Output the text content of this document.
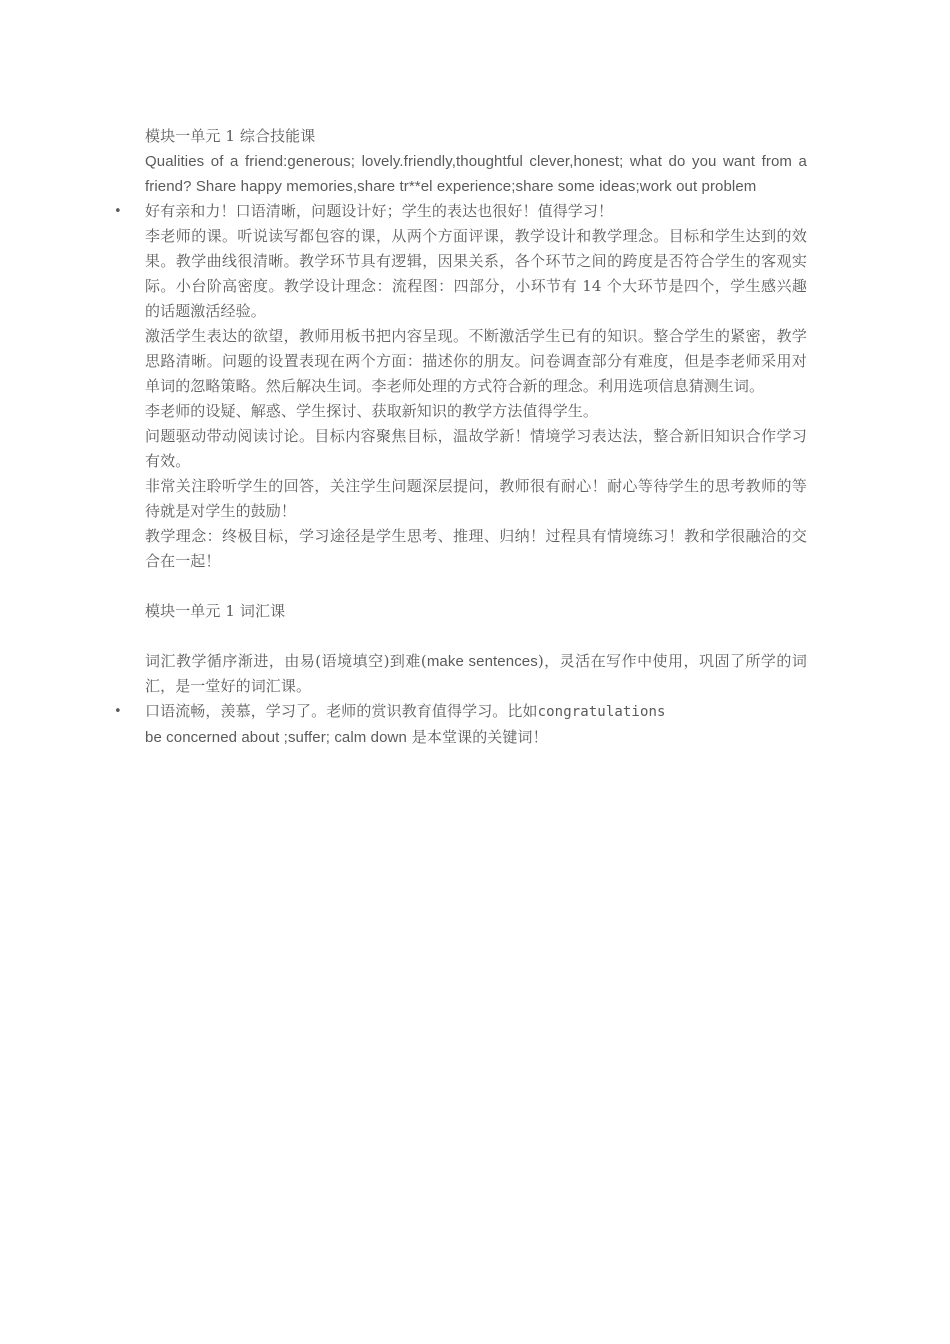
模块一单元 1 综合技能课

Qualities of a friend:generous; lovely.friendly,thoughtful clever,honest; what do you want from a friend? Share happy memories,share tr**el experience;share some ideas;work out problem

• 好有亲和力！口语清晰，问题设计好；学生的表达也很好！值得学习！

李老师的课。听说读写都包容的课，从两个方面评课，教学设计和教学理念。目标和学生达到的效果。教学曲线很清晰。教学环节具有逻辑，因果关系，各个环节之间的跨度是否符合学生的客观实际。小台阶高密度。教学设计理念：流程图：四部分，小环节有 14 个大环节是四个，学生感兴趣的话题激活经验。

激活学生表达的欲望，教师用板书把内容呈现。不断激活学生已有的知识。整合学生的紧密，教学思路清晰。问题的设置表现在两个方面：描述你的朋友。问卷调查部分有难度，但是李老师采用对单词的忽略策略。然后解决生词。李老师处理的方式符合新的理念。利用选项信息猜测生词。

李老师的设疑、解惑、学生探讨、获取新知识的教学方法值得学生。

问题驱动带动阅读讨论。目标内容聚焦目标，温故学新！情境学习表达法，整合新旧知识合作学习有效。

非常关注聆听学生的回答，关注学生问题深层提问，教师很有耐心！耐心等待学生的思考教师的等待就是对学生的鼓励！

教学理念：终极目标，学习途径是学生思考、推理、归纳！过程具有情境练习！教和学很融洽的交合在一起！

模块一单元 1 词汇课

词汇教学循序渐进，由易(语境填空)到难(make sentences)，灵活在写作中使用，巩固了所学的词汇，是一堂好的词汇课。

• 口语流畅，羡慕，学习了。老师的赏识教育值得学习。比如congratulations

be concerned about ;suffer; calm down 是本堂课的关键词！
